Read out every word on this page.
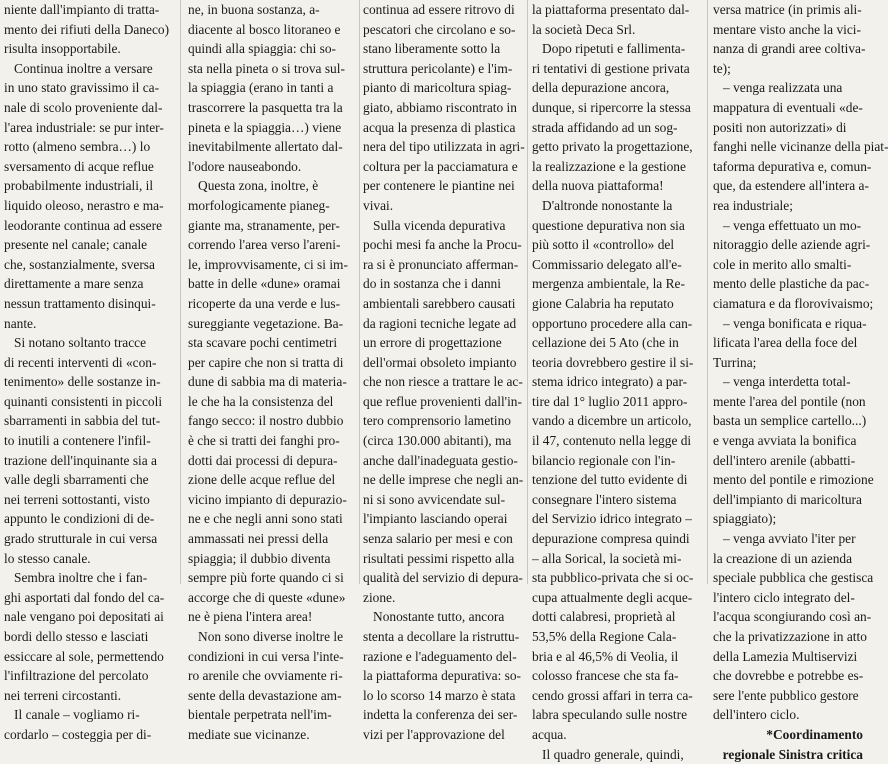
niente dall'impianto di tratta-
mento dei rifiuti della Daneco)
risulta insopportabile.
Continua inoltre a versare
in uno stato gravissimo il ca-
nale di scolo proveniente dal-
l'area industriale: se pur inter-
rotto (almeno sembra…) lo
sversamento di acque reflue
probabilmente industriali, il
liquido oleoso, nerastro e ma-
leodorante continua ad essere
presente nel canale; canale
che, sostanzialmente, sversa
direttamente a mare senza
nessun trattamento disinqui-
nante.
Si notano soltanto tracce
di recenti interventi di «con-
tenimento» delle sostanze in-
quinanti consistenti in piccoli
sbarramenti in sabbia del tut-
to inutili a contenere l'infil-
trazione dell'inquinante sia a
valle degli sbarramenti che
nei terreni sottostanti, visto
appunto le condizioni di de-
grado strutturale in cui versa
lo stesso canale.
Sembra inoltre che i fan-
ghi asportati dal fondo del ca-
nale vengano poi depositati ai
bordi dello stesso e lasciati
essiccare al sole, permettendo
l'infiltrazione del percolato
nei terreni circostanti.
Il canale – vogliamo ri-
cordarlo – costeggia per di-
ne, in buona sostanza, a-
diacente al bosco litoraneo e
quindi alla spiaggia: chi so-
sta nella pineta o si trova sul-
la spiaggia (erano in tanti a
trascorrere la pasquetta tra la
pineta e la spiaggia…) viene
inevitabilmente allertato dal-
l'odore nauseabondo.
Questa zona, inoltre, è
morfologicamente pianeg-
giante ma, stranamente, per-
correndo l'area verso l'areni-
le, improvvisamente, ci si im-
batte in delle «dune» oramai
ricoperte da una verde e lus-
sureggiante vegetazione. Ba-
sta scavare pochi centimetri
per capire che non si tratta di
dune di sabbia ma di materia-
le che ha la consistenza del
fango secco: il nostro dubbio
è che si tratti dei fanghi pro-
dotti dai processi di depura-
zione delle acque reflue del
vicino impianto di depurazio-
ne e che negli anni sono stati
ammassati nei pressi della
spiaggia; il dubbio diventa
sempre più forte quando ci si
accorge che di queste «dune»
ne è piena l'intera area!
Non sono diverse inoltre le
condizioni in cui versa l'inte-
ro arenile che ovviamente ri-
sente della devastazione am-
bientale perpetrata nell'im-
mediate sue vicinanze.
continua ad essere ritrovo di
pescatori che circolano e so-
stano liberamente sotto la
struttura pericolante) e l'im-
pianto di maricoltura spiag-
giato, abbiamo riscontrato in
acqua la presenza di plastica
nera del tipo utilizzata in agri-
coltura per la pacciamatura e
per contenere le piantine nei
vivai.
Sulla vicenda depurativa
pochi mesi fa anche la Procu-
ra si è pronunciato afferman-
do in sostanza che i danni
ambientali sarebbero causati
da ragioni tecniche legate ad
un errore di progettazione
dell'ormai obsoleto impianto
che non riesce a trattare le ac-
que reflue provenienti dall'in-
tero comprensorio lametino
(circa 130.000 abitanti), ma
anche dall'inadeguata gestio-
ne delle imprese che negli an-
ni si sono avvicendate sul-
l'impianto lasciando operai
senza salario per mesi e con
risultati pessimi rispetto alla
qualità del servizio di depura-
zione.
Nonostante tutto, ancora
stenta a decollare la ristruttu-
razione e l'adeguamento del-
la piattaforma depurativa: so-
lo lo scorso 14 marzo è stata
indetta la conferenza dei ser-
vizi per l'approvazione del
la piattaforma presentato dal-
la società Deca Srl.
Dopo ripetuti e fallimenta-
ri tentativi di gestione privata
della depurazione ancora,
dunque, si ripercorre la stessa
strada affidando ad un sog-
getto privato la progettazione,
la realizzazione e la gestione
della nuova piattaforma!
D'altronde nonostante la
questione depurativa non sia
più sotto il «controllo» del
Commissario delegato all'e-
mergenza ambientale, la Re-
gione Calabria ha reputato
opportuno procedere alla can-
cellazione dei 5 Ato (che in
teoria dovrebbero gestire il si-
stema idrico integrato) a par-
tire dal 1° luglio 2011 appro-
vando a dicembre un articolo,
il 47, contenuto nella legge di
bilancio regionale con l'in-
tenzione del tutto evidente di
consegnare l'intero sistema
del Servizio idrico integrato –
depurazione compresa quindi
– alla Sorical, la società mi-
sta pubblico-privata che si oc-
cupa attualmente degli acque-
dotti calabresi, proprietà al
53,5% della Regione Cala-
bria e al 46,5% di Veolia, il
colosso francese che sta fa-
cendo grossi affari in terra ca-
labra speculando sulle nostre
acqua.
Il quadro generale, quindi,
versa matrice (in primis ali-
mentare visto anche la vici-
nanza di grandi aree coltiva-
te);
– venga realizzata una
mappatura di eventuali «de-
positi non autorizzati» di
fanghi nelle vicinanze della piat-
taforma depurativa e, comun-
que, da estendere all'intera a-
rea industriale;
– venga effettuato un mo-
nitoraggio delle aziende agri-
cole in merito allo smalti-
mento delle plastiche da pac-
ciamatura e da florovivaismo;
– venga bonificata e riqua-
lificata l'area della foce del
Turrina;
– venga interdetta total-
mente l'area del pontile (non
basta un semplice cartello...)
e venga avviata la bonifica
dell'intero arenile (abbatti-
mento del pontile e rimozione
dell'impianto di maricoltura
spiaggiato);
– venga avviato l'iter per
la creazione di un azienda
speciale pubblica che gestisca
l'intero ciclo integrato del-
l'acqua scongiurando così an-
che la privatizzazione in atto
della Lamezia Multiservizi
che dovrebbe e potrebbe es-
sere l'ente pubblico gestore
dell'intero ciclo.
*Coordinamento
regionale Sinistra critica
